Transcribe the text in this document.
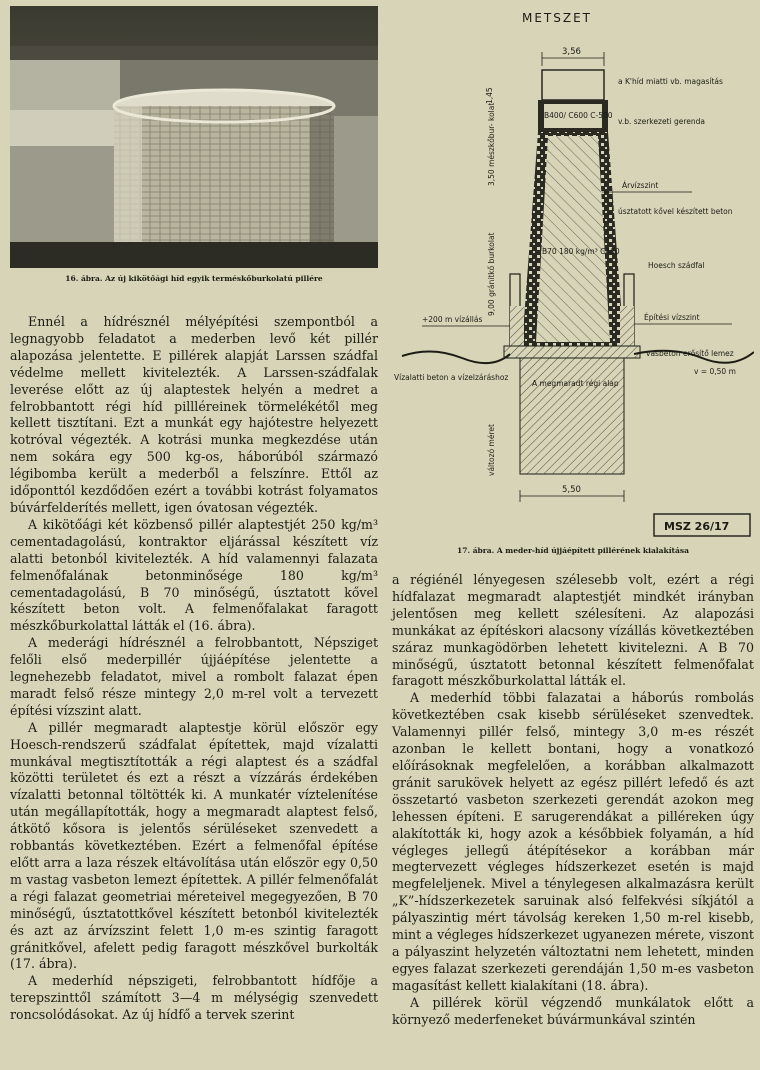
16. ábra. Az új kikötőági híd egyik terméskőburkolatú pillére
METSZET
3,56
1,45
B400/ C600 C-500
B70 180 kg/m³ C400
A megmaradt régi alap
+200 m vízállás	Építési vízszint
Árvízszint
a K'híd miatti vb. magasítás
v.b. szerkezeti gerenda
úsztatott kővel készített beton
Hoesch szádfal
vasbeton erősítő lemez
v = 0,50 m
3,50 mészkőbur- kolat
9,00 gránitkő burkolat
Vízalatti beton a vízelzáráshoz
változó méret
5,50
MSZ 26/17
17. ábra. A meder-híd újjáépített pillérének kialakítása

Ennél a hídrésznél mélyépítési szempontból a legnagyobb feladatot a mederben levő két pillér alapozása jelentette. E pillérek alapját Larssen szádfal védelme mellett kivitelezték. A Larssen-szádfalak leverése előtt az új alaptestek helyén a medret a felrobbantott régi híd pillléreinek törmelékétől meg kellett tisztítani. Ezt a munkát egy hajótestre helyezett kotróval végezték. A kotrási munka megkezdése után nem sokára egy 500 kg-os, háborúból származó légibomba került a mederből a felszínre. Ettől az időponttól kezdődően ezért a további kotrást folyamatos búvárfelderítés mellett, igen óvatosan végezték.

A kikötőági két közbenső pillér alaptestjét 250 kg/m³ cementadagolású, kontraktor eljárással készített víz alatti betonból kivitelezték. A híd valamennyi falazata felmenőfalának betonminősége 180 kg/m³ cementadagolású, B 70 minőségű, úsztatott kővel készített beton volt. A felmenőfalakat faragott mészkőburkolattal látták el (16. ábra).

A mederági hídrésznél a felrobbantott, Népsziget felőli első mederpillér újjáépítése jelentette a legnehezebb feladatot, mivel a rombolt falazat épen maradt felső része mintegy 2,0 m-rel volt a tervezett építési vízszint alatt.

A pillér megmaradt alaptestje körül először egy Hoesch-rendszerű szádfalat építettek, majd vízalatti munkával megtisztították a régi alaptest és a szádfal közötti területet és ezt a részt a vízzárás érdekében vízalatti betonnal töltötték ki. A munkatér víztelenítése után megállapították, hogy a megmaradt alaptest felső, átkötő kősora is jelentős sérüléseket szenvedett a robbantás következtében. Ezért a felmenőfal építése előtt arra a laza részek eltávolítása után először egy 0,50 m vastag vasbeton lemezt építettek. A pillér felmenőfalát a régi falazat geometriai méreteivel megegyezően, B 70 minőségű, úsztatottkővel készített betonból kivitelezték és azt az árvízszint felett 1,0 m-es szintig faragott gránitkővel, afelett pedig faragott mészkővel burkolták (17. ábra).

A mederhíd népszigeti, felrobbantott hídfője a terepszinttől számított 3—4 m mélységig szenvedett roncsolódásokat. Az új hídfő a tervek szerint

a régiénél lényegesen szélesebb volt, ezért a régi hídfalazat megmaradt alaptestjét mindkét irányban jelentősen meg kellett szélesíteni. Az alapozási munkákat az építéskori alacsony vízállás következtében száraz munkagödörben lehetett kivitelezni. A B 70 minőségű, úsztatott betonnal készített felmenőfalat faragott mészkőburkolattal látták el.

A mederhíd többi falazatai a háborús rombolás következtében csak kisebb sérüléseket szenvedtek. Valamennyi pillér felső, mintegy 3,0 m-es részét azonban le kellett bontani, hogy a vonatkozó előírásoknak megfelelően, a korábban alkalmazott gránit sarukövek helyett az egész pillért lefedő és azt összetartó vasbeton szerkezeti gerendát azokon meg lehessen építeni. E sarugerendákat a pilléreken úgy alakították ki, hogy azok a későbbiek folyamán, a híd végleges jellegű átépítésekor a korábban már megtervezett végleges hídszerkezet esetén is majd megfeleljenek. Mivel a ténylegesen alkalmazásra került „K”-hídszerkezetek saruinak alsó felfekvési síkjától a pályaszintig mért távolság kereken 1,50 m-rel kisebb, mint a végleges hídszerkezet ugyanezen mérete, viszont a pályaszint helyzetén változtatni nem lehetett, minden egyes falazat szerkezeti gerendáján 1,50 m-es vasbeton magasítást kellett kialakítani (18. ábra).

A pillérek körül végzendő munkálatok előtt a környező mederfeneket búvármunkával szintén
